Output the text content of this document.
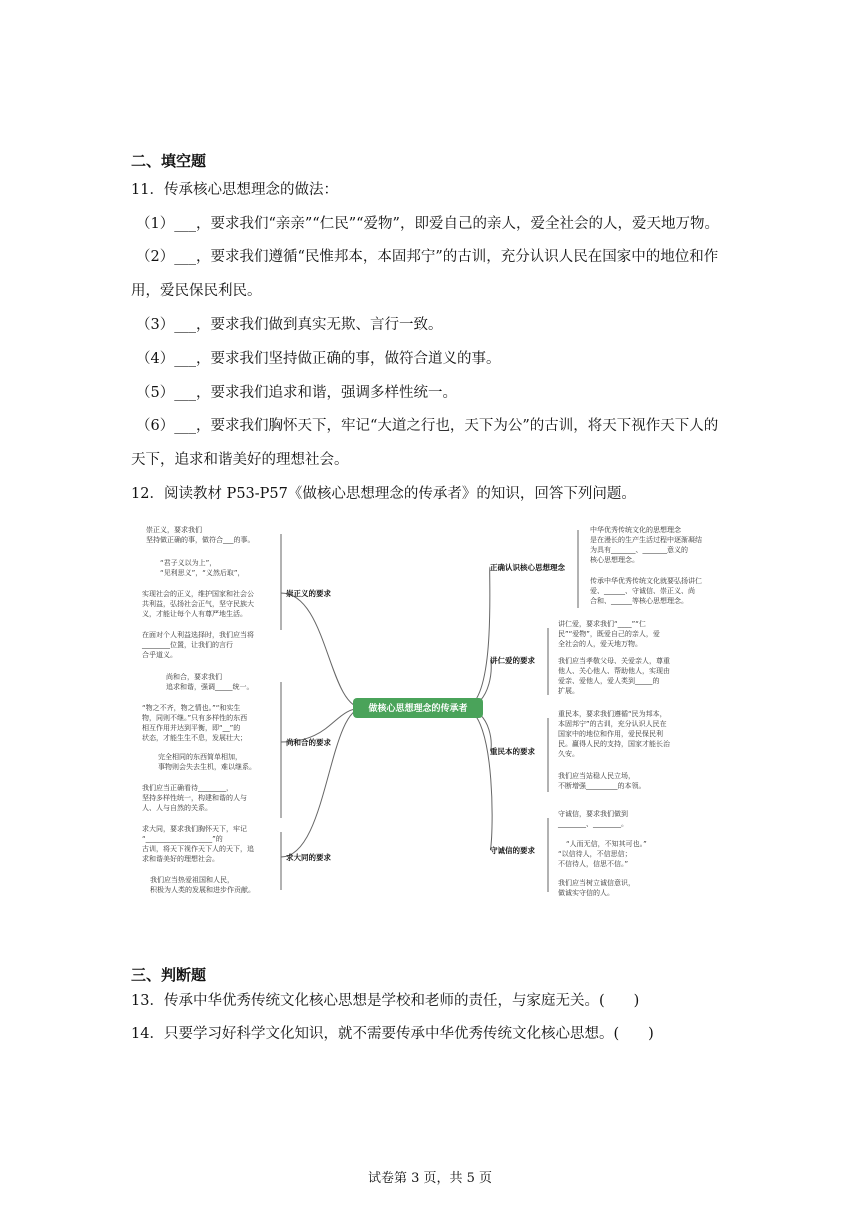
二、填空题
11．传承核心思想理念的做法：
（1）___，要求我们“亲亲”“仁民”“爱物”，即爱自己的亲人，爱全社会的人，爱天地万物。
（2）___，要求我们遵循“民惟邦本，本固邦宁”的古训，充分认识人民在国家中的地位和作
用，爱民保民利民。
（3）___，要求我们做到真实无欺、言行一致。
（4）___，要求我们坚持做正确的事，做符合道义的事。
（5）___，要求我们追求和谐，强调多样性统一。
（6）___，要求我们胸怀天下，牢记“大道之行也，天下为公”的古训，将天下视作天下人的
天下，追求和谐美好的理想社会。
12．阅读教材 P53-P57《做核心思想理念的传承者》的知识，回答下列问题。
做核心思想理念的传承者
崇正义的要求
尚和合的要求
求大同的要求
正确认识核心思想理念
讲仁爱的要求
重民本的要求
守诚信的要求
崇正义，要求我们
坚持做正确的事，做符合___的事。
“君子义以为上”，
“见利思义”，“义然后取”，
实现社会的正义，维护国家和社会公
共利益，弘扬社会正气，坚守民族大
义，才能让每个人有尊严地生活。
在面对个人利益选择时，我们应当将
________位置，让我们的言行
合乎道义。
尚和合，要求我们
追求和谐，强调_____统一。
“物之不齐，物之情也。”“和实生
物，同则不继。”只有多样性的东西
相互作用并达到平衡，即“__”的
状态，才能生生不息，发展壮大；
完全相同的东西简单相加，
事物则会失去生机，难以继系。
我们应当正确看待________，
坚持多样性统一，构建和谐的人与
人、人与自然的关系。
求大同，要求我们胸怀天下，牢记
“___________________”的
古训，将天下视作天下人的天下，追
求和谐美好的理想社会。
我们应当热爱祖国和人民，
积极为人类的发展和进步作贡献。
中华优秀传统文化的思想理念
是在漫长的生产生活过程中逐渐凝结
为具有_______、_______意义的
核心思想理念。
传承中华优秀传统文化就要弘扬讲仁
爱、______、守诚信、崇正义、尚
合和、______等核心思想理念。
讲仁爱，要求我们“____”“仁
民”“爱物”，既爱自己的亲人，爱
全社会的人，爱天地万物。
我们应当孝敬父母、关爱亲人，尊重
他人、关心他人、帮助他人，实现由
爱亲、爱他人，爱人类到_____的
扩展。
重民本，要求我们遵循“民为邦本，
本固邦宁”的古训，充分认识人民在
国家中的地位和作用，爱民保民利
民。赢得人民的支持，国家才能长治
久安。
我们应当站稳人民立场，
不断增强_________的本领。
守诚信，要求我们做到
________、________。
“人而无信，不知其可也。”
“以信待人，不信思信；
不信待人，信思不信。”
我们应当树立诚信意识，
做诚实守信的人。
三、判断题
13．传承中华优秀传统文化核心思想是学校和老师的责任，与家庭无关。(　　)
14．只要学习好科学文化知识，就不需要传承中华优秀传统文化核心思想。(　　)
试卷第 3 页，共 5 页
